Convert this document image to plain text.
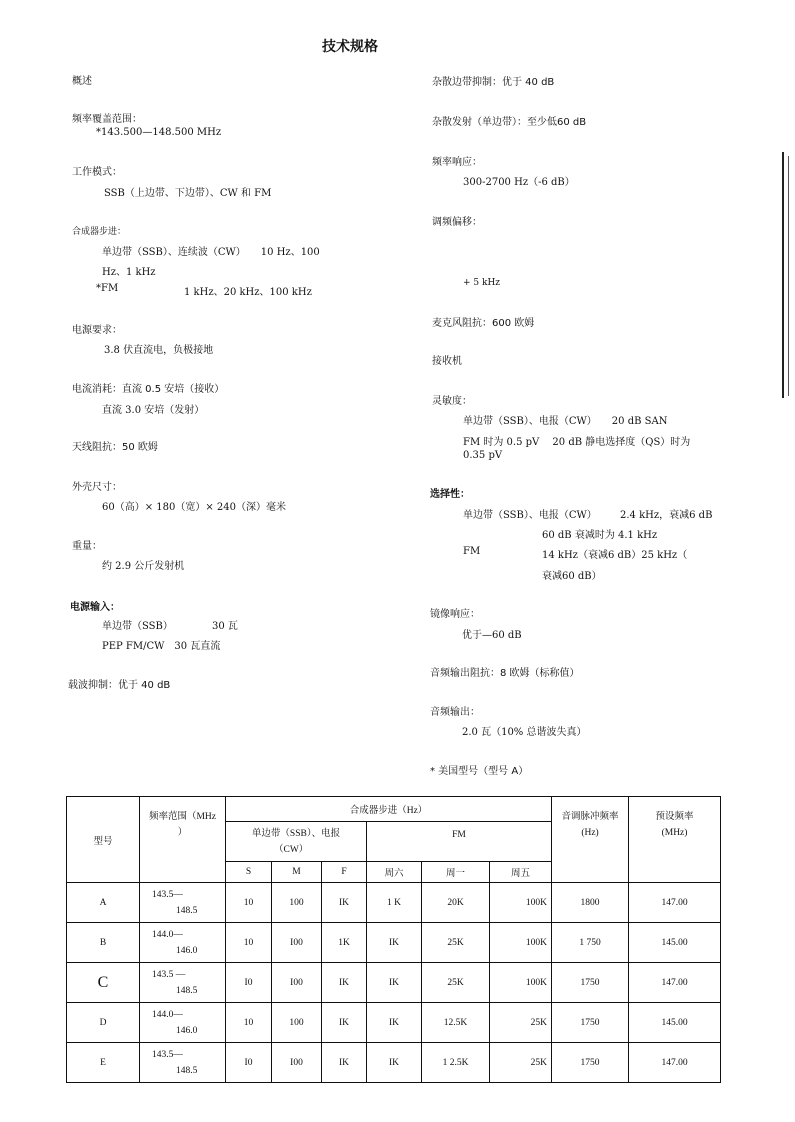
技术规格
概述
频率覆盖范围：
*143.500—148.500 MHz
工作模式：
SSB（上边带、下边带）、CW 和 FM
合成器步进：
单边带（SSB）、连续波（CW）　　10 Hz、100
Hz、1 kHz
*FM	1 kHz、20 kHz、100 kHz
电源要求：
3.8 伏直流电，负极接地
电流消耗：直流 0.5 安培（接收）
直流 3.0 安培（发射）
天线阻抗：50 欧姆
外壳尺寸：
60（高）× 180（宽）× 240（深）毫米
重量：
约 2.9 公斤发射机
电源输入：
单边带（SSB）	30 瓦
PEP FM/CW　30 瓦直流
载波抑制：优于 40 dB
杂散边带抑制：优于 40 dB
杂散发射（单边带）：至少低60 dB
频率响应：
300-2700 Hz（-6 dB）
调频偏移：
+ 5 kHz
麦克风阻抗：600 欧姆
接收机
灵敏度：
单边带（SSB）、电报（CW）　　20 dB SAN
FM 时为 0.5 pV　 20 dB 静电选择度（QS）时为
0.35 pV
选择性：
单边带（SSB）、电报（CW） 2.4 kHz，衰减6 dB
60 dB 衰减时为 4.1 kHz
FM	14 kHz（衰减6 dB）25 kHz（
衰减60 dB）
镜像响应：
优于—60 dB
音频输出阻抗：8 欧姆（标称值）
音频输出：
2.0 瓦（10% 总谐波失真）
* 美国型号（型号 A）
型号	频率范围（MHz
）	合成器步进（Hz）						音调脉冲频率
(Hz)	预设频率
(MHz)

		单边带（SSB）、电报
（CW）			FM				
		S	M	F	周六	周一	周五		
A	143.5—
148.5	10	100	IK	1 K	20K	100K	1800	147.00
B	144.0—
146.0	10	I00	1K	IK	25K	100K	1 750	145.00
C	143.5 —
148.5	I0	I00	IK	IK	25K	100K	1750	147.00
D	144.0—
146.0	10	100	IK	IK	12.5K	25K	1750	145.00
E	143.5—
148.5	I0	I00	IK	IK	1 2.5K	25K	1750	147.00
